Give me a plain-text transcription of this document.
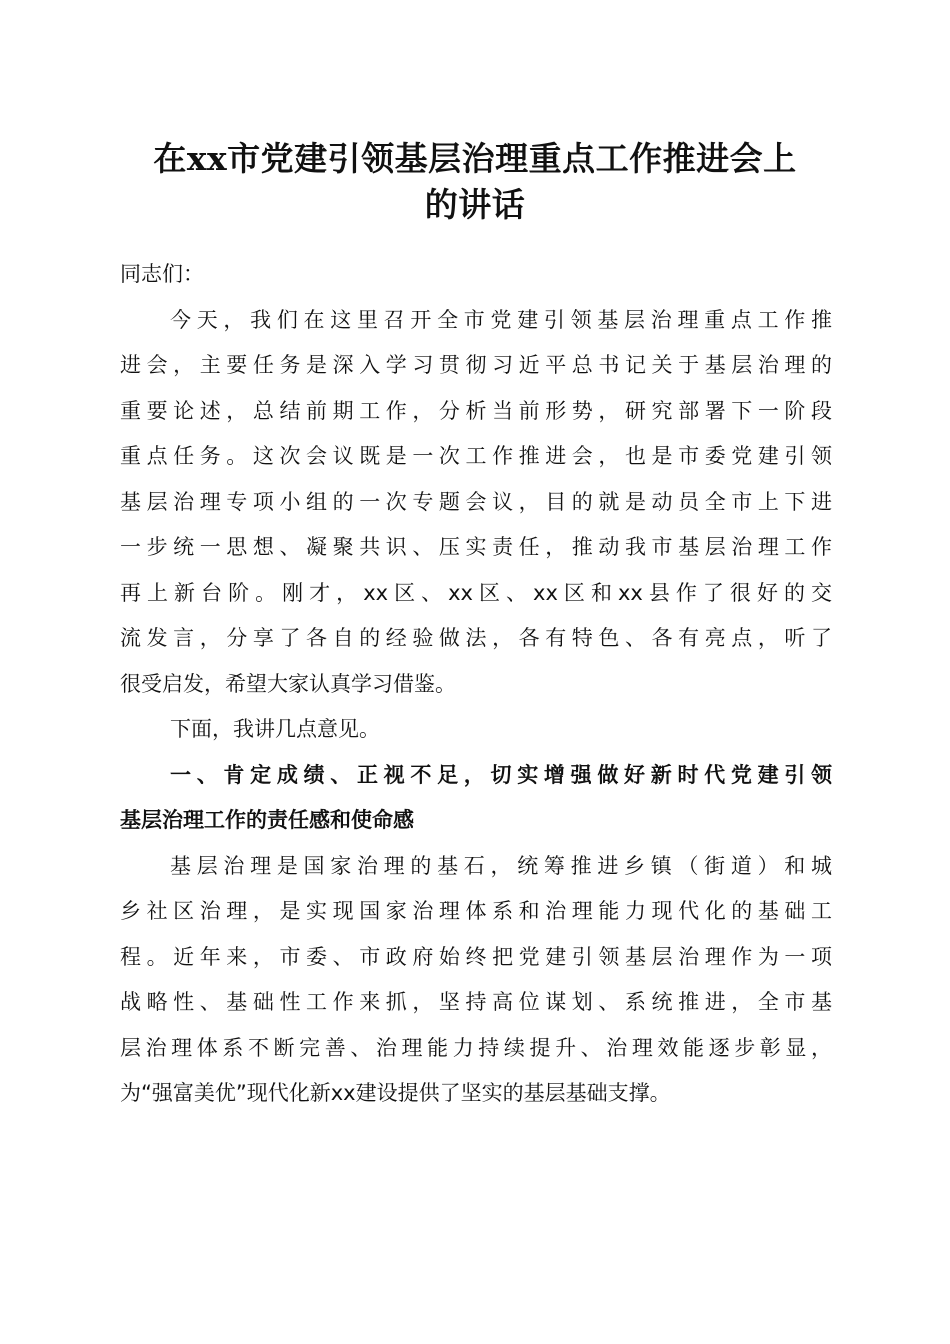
在xx市党建引领基层治理重点工作推进会上
的讲话
同志们：
今天，我们在这里召开全市党建引领基层治理重点工作推
进会，主要任务是深入学习贯彻习近平总书记关于基层治理的
重要论述，总结前期工作，分析当前形势，研究部署下一阶段
重点任务。这次会议既是一次工作推进会，也是市委党建引领
基层治理专项小组的一次专题会议，目的就是动员全市上下进
一步统一思想、凝聚共识、压实责任，推动我市基层治理工作
再上新台阶。刚才，xx区、xx区、xx区和xx县作了很好的交
流发言，分享了各自的经验做法，各有特色、各有亮点，听了
很受启发，希望大家认真学习借鉴。
下面，我讲几点意见。
一、肯定成绩、正视不足，切实增强做好新时代党建引领
基层治理工作的责任感和使命感
基层治理是国家治理的基石，统筹推进乡镇（街道）和城
乡社区治理，是实现国家治理体系和治理能力现代化的基础工
程。近年来，市委、市政府始终把党建引领基层治理作为一项
战略性、基础性工作来抓，坚持高位谋划、系统推进，全市基
层治理体系不断完善、治理能力持续提升、治理效能逐步彰显，
为“强富美优”现代化新xx建设提供了坚实的基层基础支撑。
